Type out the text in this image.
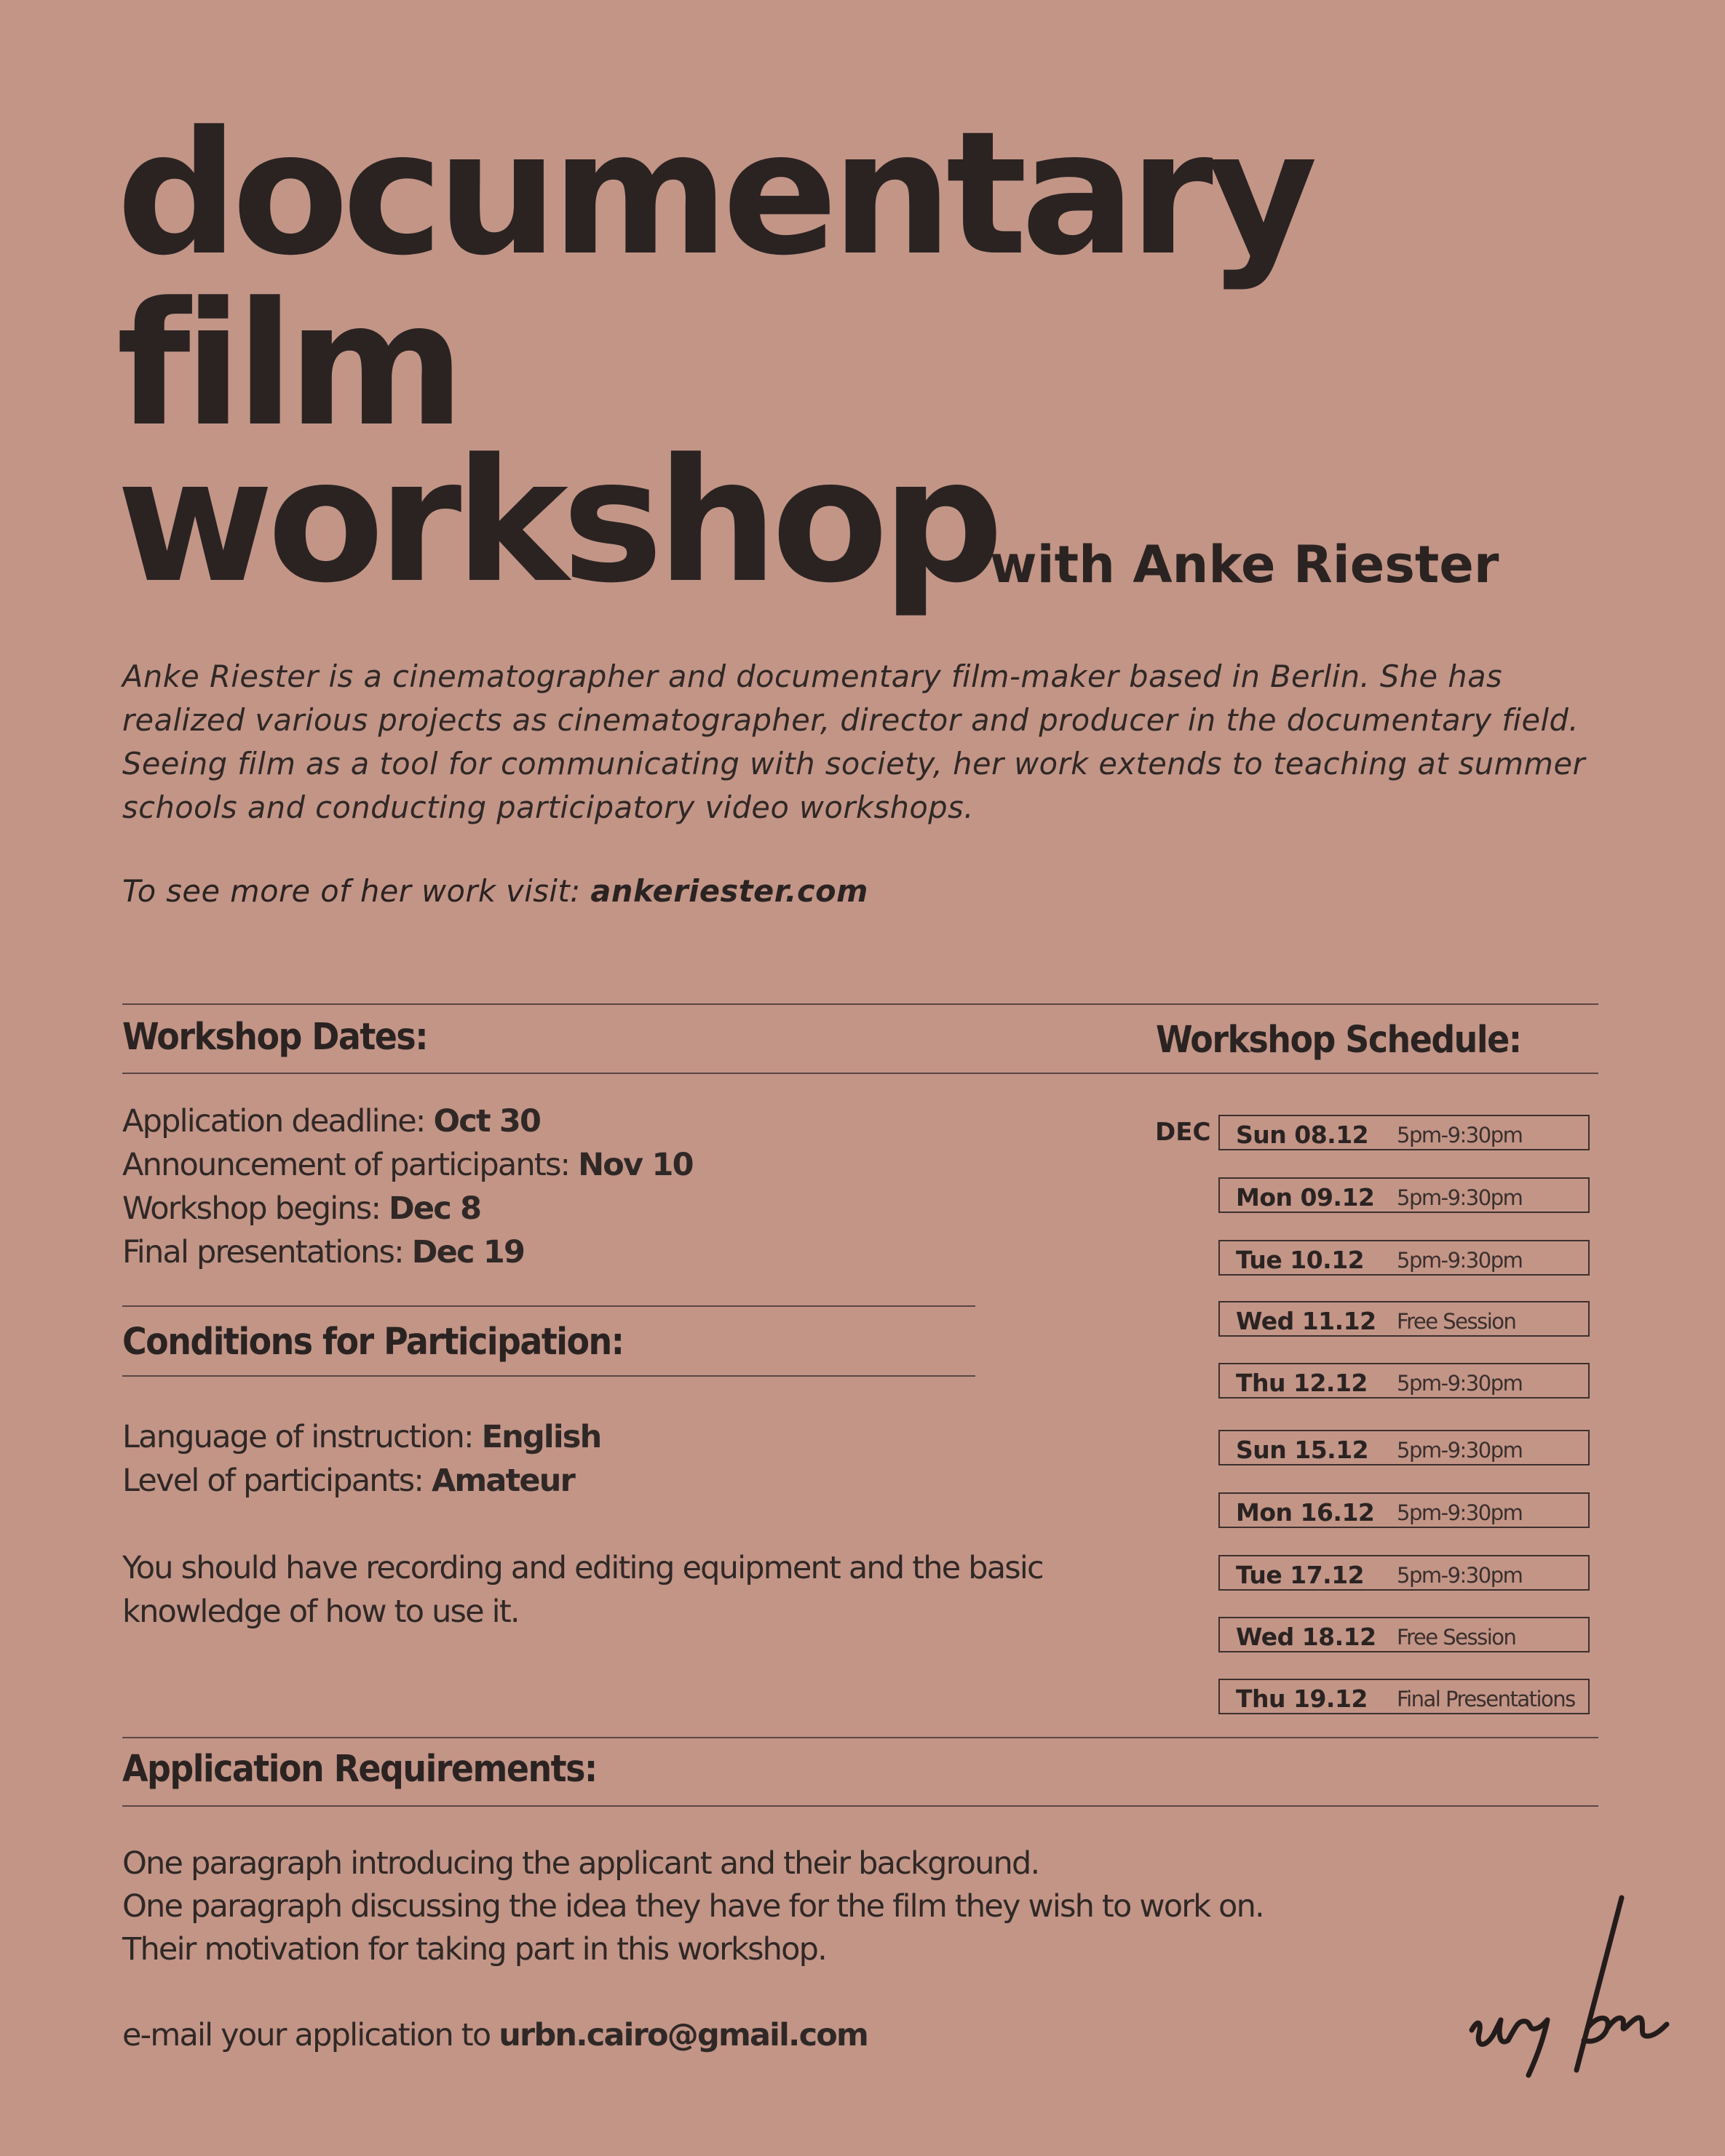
documentary
film
workshop
with Anke Riester

Anke Riester is a cinematographer and documentary film-maker based in Berlin. She has realized various projects as cinematographer, director and producer in the documentary field. Seeing film as a tool for communicating with society, her work extends to teaching at summer schools and conducting participatory video workshops.

To see more of her work visit: ankeriester.com
Workshop Dates:	Workshop Schedule:
Application deadline: Oct 30
Announcement of participants: Nov 10
Workshop begins: Dec 8
Final presentations: Dec 19
Conditions for Participation:
Language of instruction: English
Level of participants: Amateur
You should have recording and editing equipment and the basic
knowledge of how to use it.
DEC Sun 08.12 5pm-9:30pm
Mon 09.12 5pm-9:30pm
Tue 10.12 5pm-9:30pm
Wed 11.12 Free Session
Thu 12.12 5pm-9:30pm
Sun 15.12 5pm-9:30pm
Mon 16.12 5pm-9:30pm
Tue 17.12 5pm-9:30pm
Wed 18.12 Free Session
Thu 19.12 Final Presentations
Application Requirements:
One paragraph introducing the applicant and their background.
One paragraph discussing the idea they have for the film they wish to work on.
Their motivation for taking part in this workshop.
e-mail your application to urbn.cairo@gmail.com
